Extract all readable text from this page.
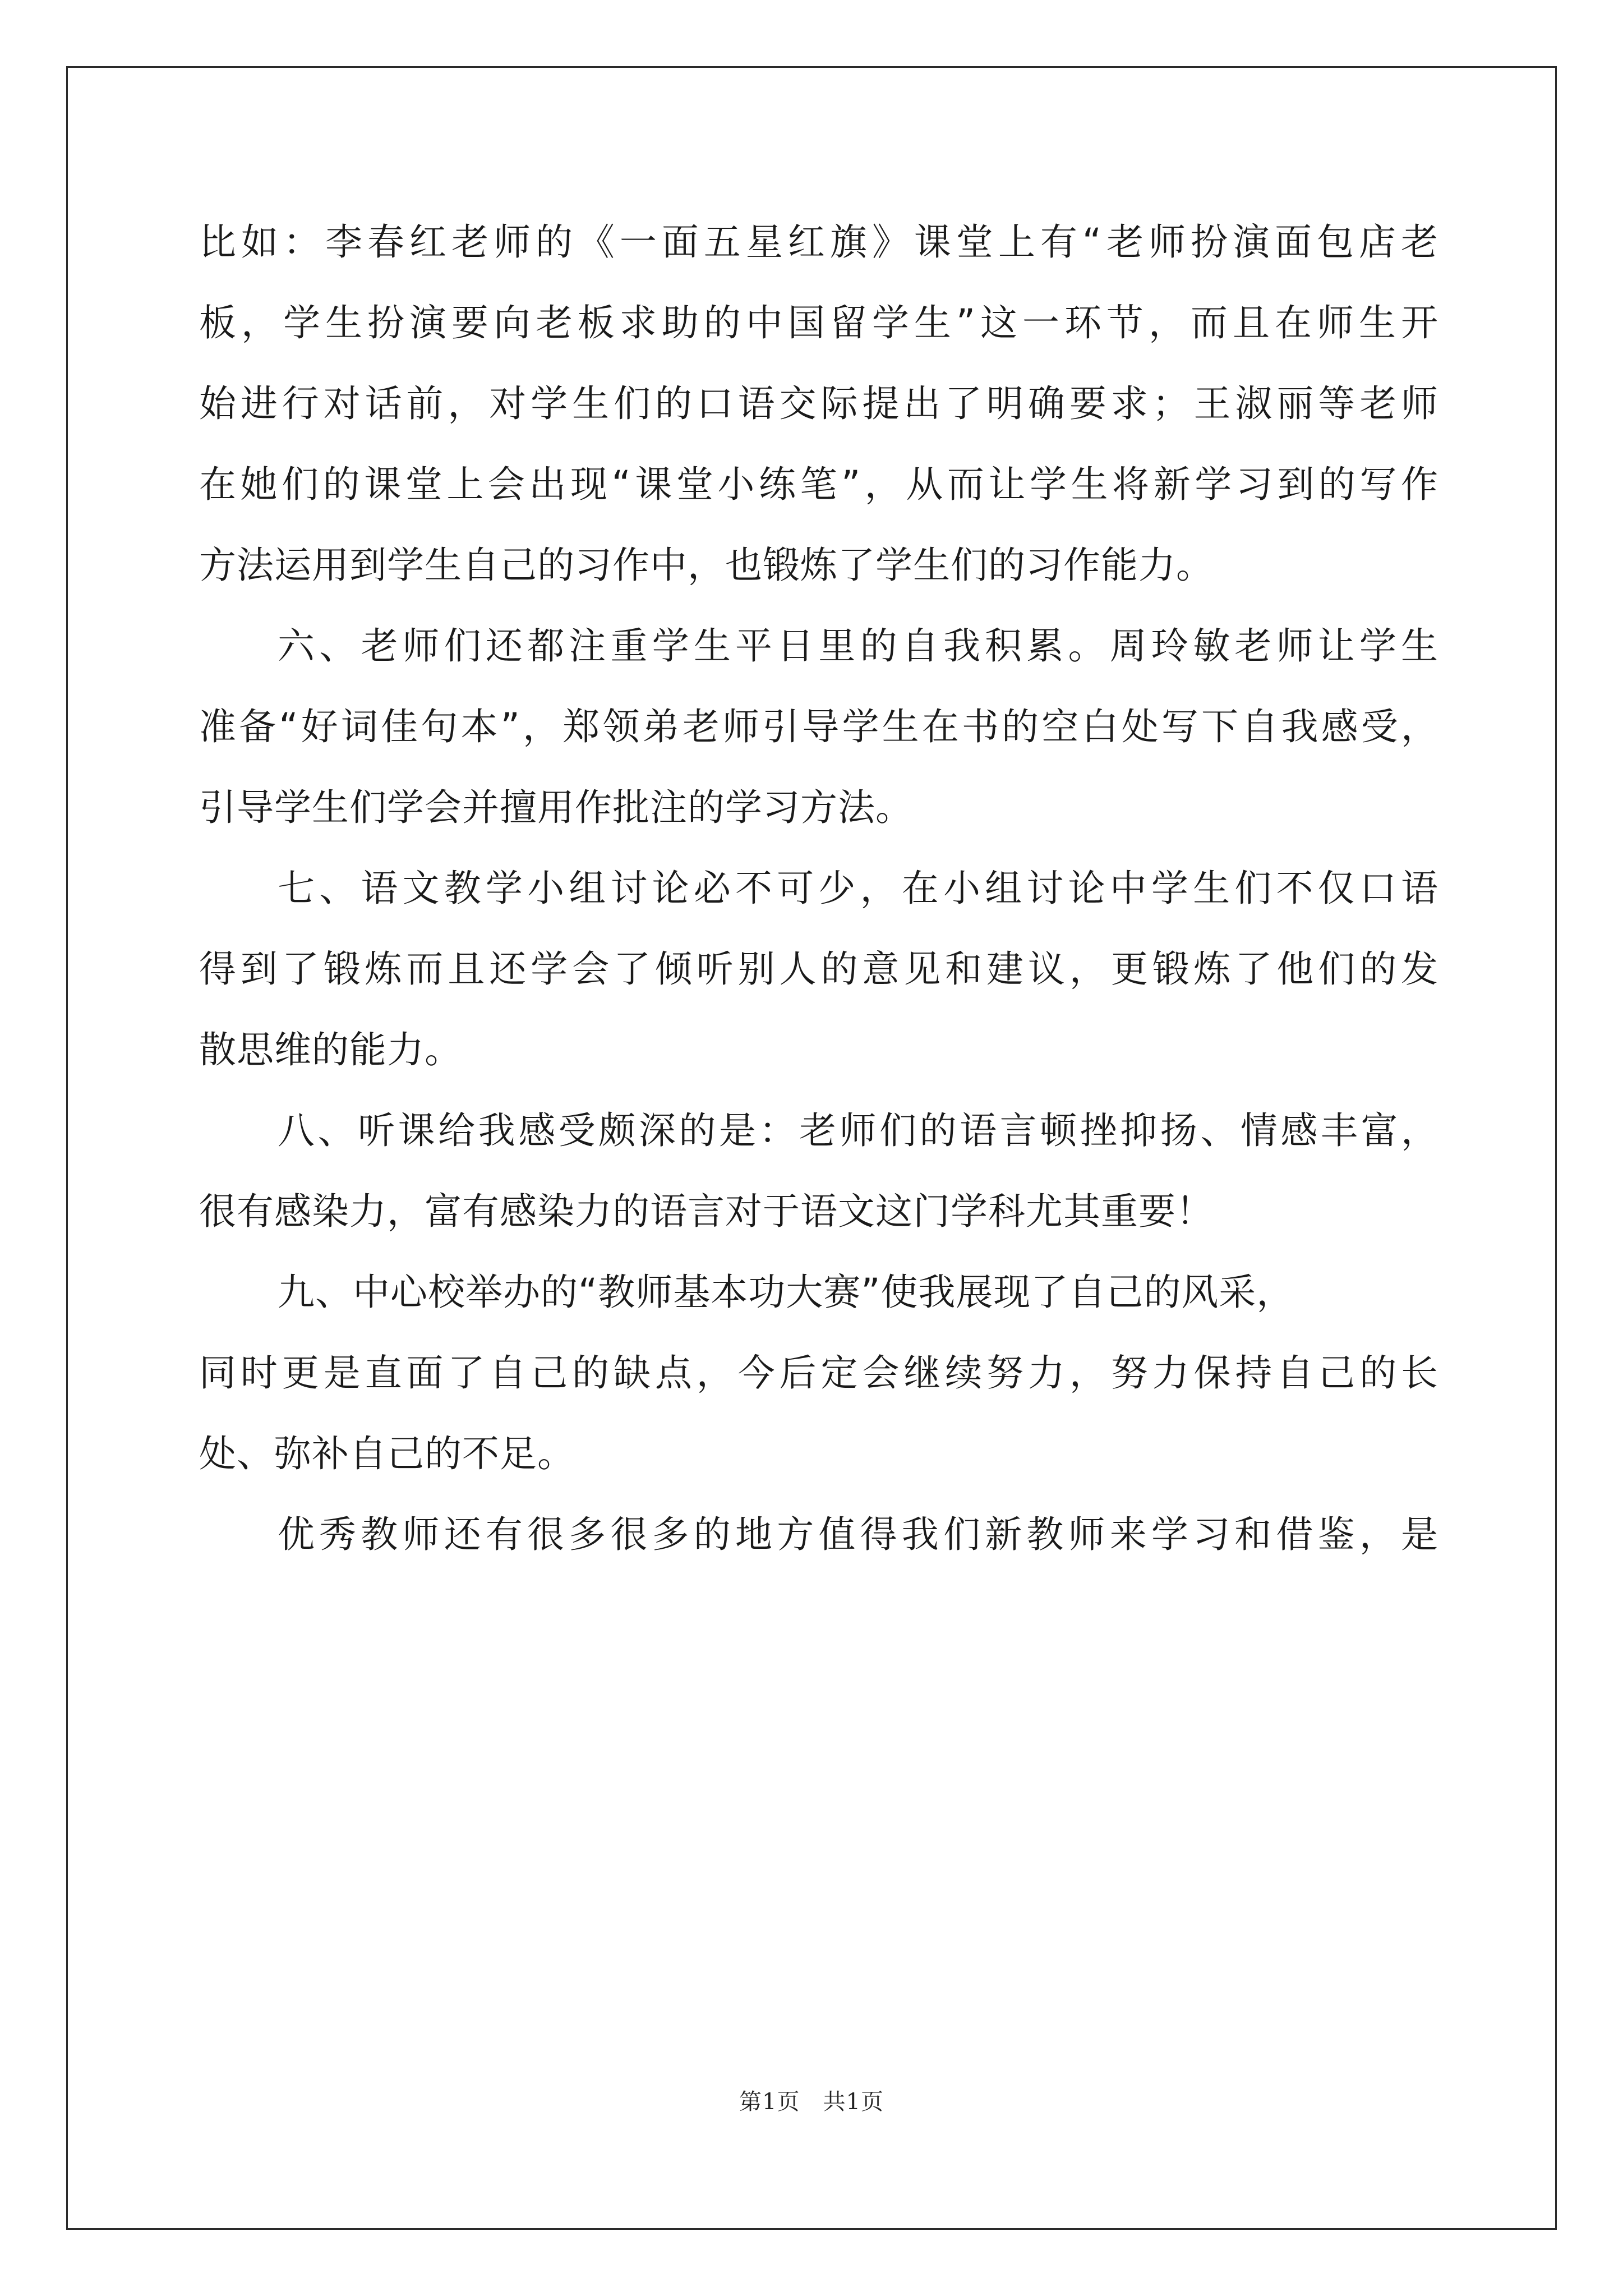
比如：李春红老师的《一面五星红旗》课堂上有“老师扮演面包店老
板，学生扮演要向老板求助的中国留学生”这一环节，而且在师生开
始进行对话前，对学生们的口语交际提出了明确要求；王淑丽等老师
在她们的课堂上会出现“课堂小练笔”，从而让学生将新学习到的写作
方法运用到学生自己的习作中，也锻炼了学生们的习作能力。
六、老师们还都注重学生平日里的自我积累。周玲敏老师让学生
准备“好词佳句本”，郑领弟老师引导学生在书的空白处写下自我感受，
引导学生们学会并擅用作批注的学习方法。
七、语文教学小组讨论必不可少，在小组讨论中学生们不仅口语
得到了锻炼而且还学会了倾听别人的意见和建议，更锻炼了他们的发
散思维的能力。
八、听课给我感受颇深的是：老师们的语言顿挫抑扬、情感丰富，
很有感染力，富有感染力的语言对于语文这门学科尤其重要！
九、中心校举办的“教师基本功大赛”使我展现了自己的风采，
同时更是直面了自己的缺点，今后定会继续努力，努力保持自己的长
处、弥补自己的不足。
优秀教师还有很多很多的地方值得我们新教师来学习和借鉴，是
第1页　共1页
